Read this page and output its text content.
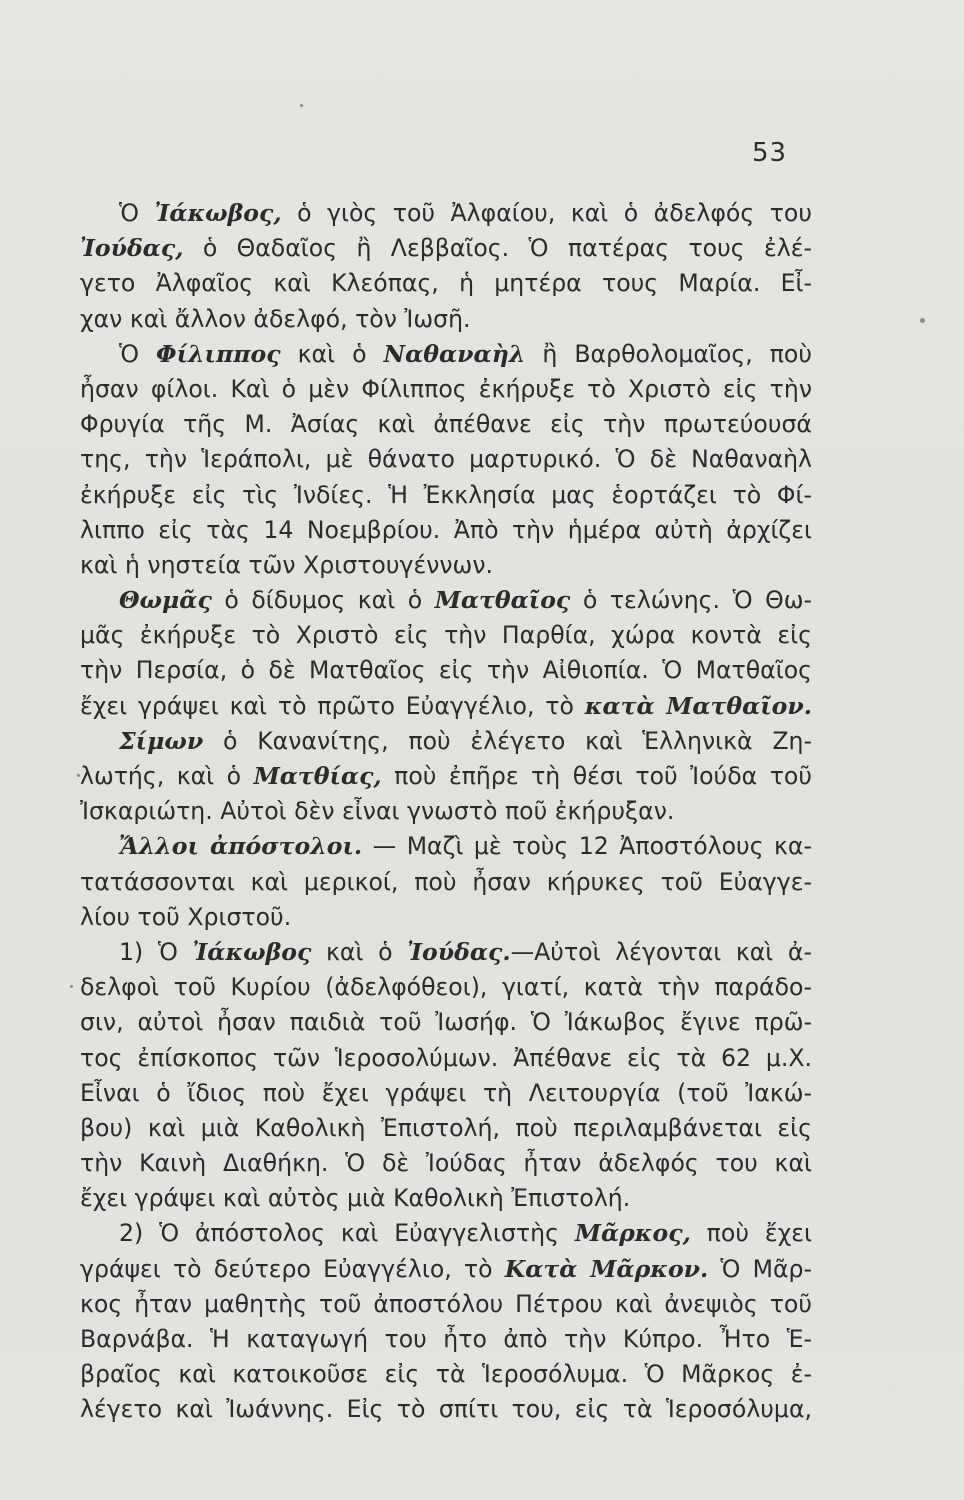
53
Ὁ Ἰάκωβος, ὁ γιὸς τοῦ Ἀλφαίου, καὶ ὁ ἀδελφός του
Ἰούδας, ὁ Θαδαῖος ἢ Λεββαῖος. Ὁ πατέρας τους ἐλέ-
γετο Ἀλφαῖος καὶ Κλεόπας, ἡ μητέρα τους Μαρία. Εἶ-
χαν καὶ ἄλλον ἀδελφό, τὸν Ἰωσῆ.
Ὁ Φίλιππος καὶ ὁ Ναθαναὴλ ἢ Βαρθολομαῖος, ποὺ
ἦσαν φίλοι. Καὶ ὁ μὲν Φίλιππος ἐκήρυξε τὸ Χριστὸ εἰς τὴν
Φρυγία τῆς Μ. Ἀσίας καὶ ἀπέθανε εἰς τὴν πρωτεύουσά
της, τὴν Ἱεράπολι, μὲ θάνατο μαρτυρικό. Ὁ δὲ Ναθαναὴλ
ἐκήρυξε εἰς τὶς Ἰνδίες. Ἡ Ἐκκλησία μας ἑορτάζει τὸ Φί-
λιππο εἰς τὰς 14 Νοεμβρίου. Ἀπὸ τὴν ἡμέρα αὐτὴ ἀρχίζει
καὶ ἡ νηστεία τῶν Χριστουγέννων.
Θωμᾶς ὁ δίδυμος καὶ ὁ Ματθαῖος ὁ τελώνης. Ὁ Θω-
μᾶς ἐκήρυξε τὸ Χριστὸ εἰς τὴν Παρθία, χώρα κοντὰ εἰς
τὴν Περσία, ὁ δὲ Ματθαῖος εἰς τὴν Αἰθιοπία. Ὁ Ματθαῖος
ἔχει γράψει καὶ τὸ πρῶτο Εὐαγγέλιο, τὸ κατὰ Ματθαῖον.
Σίμων ὁ Κανανίτης, ποὺ ἐλέγετο καὶ Ἑλληνικὰ Ζη-
λωτής, καὶ ὁ Ματθίας, ποὺ ἐπῆρε τὴ θέσι τοῦ Ἰούδα τοῦ
Ἰσκαριώτη. Αὐτοὶ δὲν εἶναι γνωστὸ ποῦ ἐκήρυξαν.
Ἄλλοι ἀπόστολοι. — Μαζὶ μὲ τοὺς 12 Ἀποστόλους κα-
τατάσσονται καὶ μερικοί, ποὺ ἦσαν κήρυκες τοῦ Εὐαγγε-
λίου τοῦ Χριστοῦ.
1) Ὁ Ἰάκωβος καὶ ὁ Ἰούδας.—Αὐτοὶ λέγονται καὶ ἀ-
δελφοὶ τοῦ Κυρίου (ἀδελφόθεοι), γιατί, κατὰ τὴν παράδο-
σιν, αὐτοὶ ἦσαν παιδιὰ τοῦ Ἰωσήφ. Ὁ Ἰάκωβος ἔγινε πρῶ-
τος ἐπίσκοπος τῶν Ἱεροσολύμων. Ἀπέθανε εἰς τὰ 62 μ.Χ.
Εἶναι ὁ ἴδιος ποὺ ἔχει γράψει τὴ Λειτουργία (τοῦ Ἰακώ-
βου) καὶ μιὰ Καθολικὴ Ἐπιστολή, ποὺ περιλαμβάνεται εἰς
τὴν Καινὴ Διαθήκη. Ὁ δὲ Ἰούδας ἦταν ἀδελφός του καὶ
ἔχει γράψει καὶ αὐτὸς μιὰ Καθολικὴ Ἐπιστολή.
2) Ὁ ἀπόστολος καὶ Εὐαγγελιστὴς Μᾶρκος, ποὺ ἔχει
γράψει τὸ δεύτερο Εὐαγγέλιο, τὸ Κατὰ Μᾶρκον. Ὁ Μᾶρ-
κος ἦταν μαθητὴς τοῦ ἀποστόλου Πέτρου καὶ ἀνεψιὸς τοῦ
Βαρνάβα. Ἡ καταγωγή του ἦτο ἀπὸ τὴν Κύπρο. Ἦτο Ἑ-
βραῖος καὶ κατοικοῦσε εἰς τὰ Ἱεροσόλυμα. Ὁ Μᾶρκος ἐ-
λέγετο καὶ Ἰωάννης. Εἰς τὸ σπίτι του, εἰς τὰ Ἱεροσόλυμα,
